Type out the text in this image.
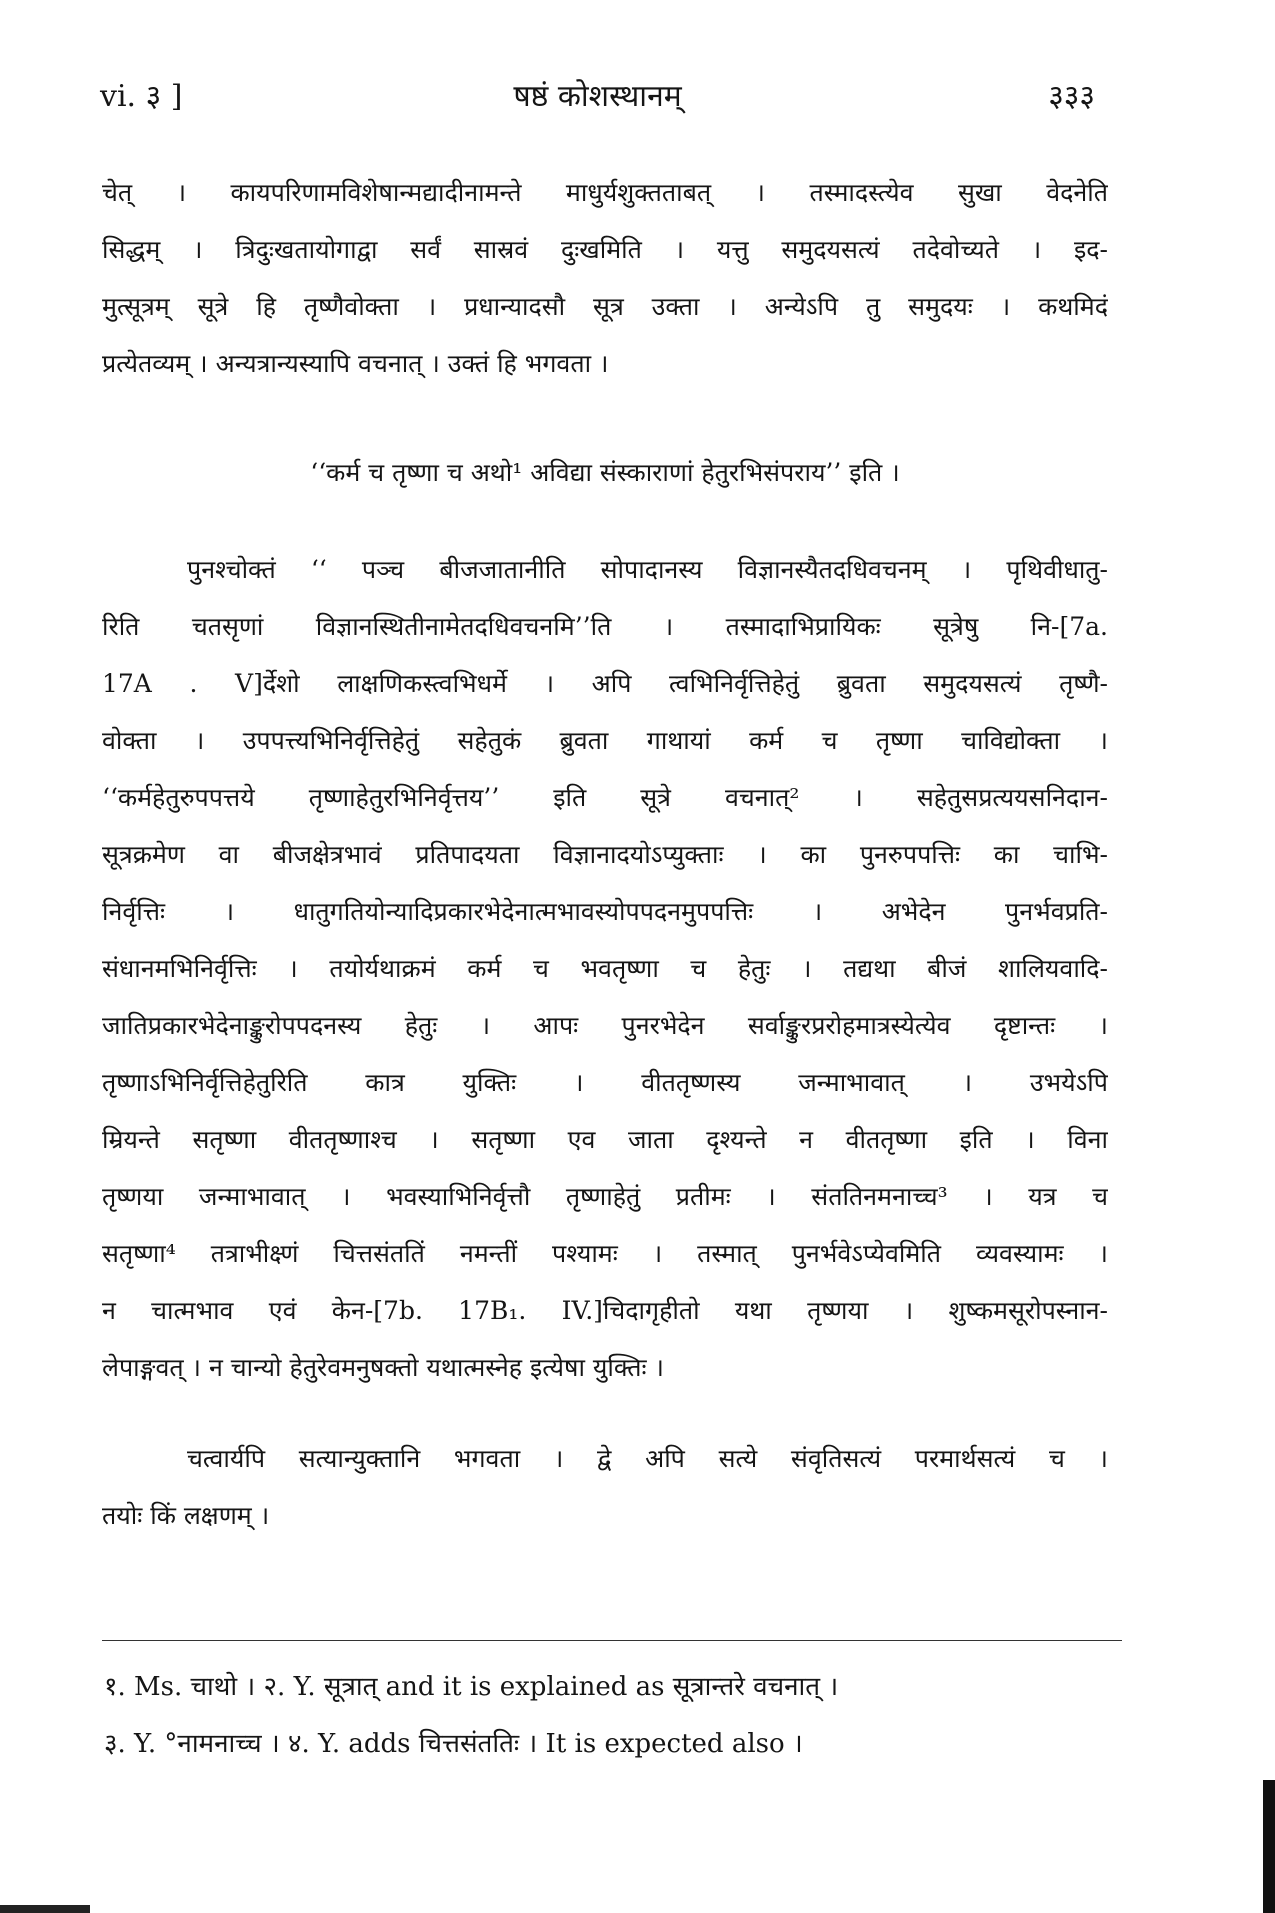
vi. ३ ]	षष्ठं कोशस्थानम्	३३३
चेत् । कायपरिणामविशेषान्मद्यादीनामन्ते माधुर्यशुक्तताबत् । तस्मादस्त्येव सुखा वेदनेति
सिद्धम् । त्रिदुःखतायोगाद्वा सर्वं सास्रवं दुःखमिति । यत्तु समुदयसत्यं तदेवोच्यते । इद-
मुत्सूत्रम् सूत्रे हि तृष्णैवोक्ता । प्रधान्यादसौ सूत्र उक्ता । अन्येऽपि तु समुदयः । कथमिदं
प्रत्येतव्यम् । अन्यत्रान्यस्यापि वचनात् । उक्तं हि भगवता ।
‘‘कर्म च तृष्णा च अथो¹ अविद्या संस्काराणां हेतुरभिसंपराय’’ इति ।
पुनश्चोक्तं ‘‘ पञ्च बीजजातानीति सोपादानस्य विज्ञानस्यैतदधिवचनम् । पृथिवीधातु-
रिति चतसृणां विज्ञानस्थितीनामेतदधिवचनमि’’ति । तस्मादाभिप्रायिकः सूत्रेषु नि-[7a.
17A . V]र्देशो लाक्षणिकस्त्वभिधर्मे । अपि त्वभिनिर्वृत्तिहेतुं ब्रुवता समुदयसत्यं तृष्णै-
वोक्ता । उपपत्त्यभिनिर्वृत्तिहेतुं सहेतुकं ब्रुवता गाथायां कर्म च तृष्णा चाविद्योक्ता ।
‘‘कर्महेतुरुपपत्तये तृष्णाहेतुरभिनिर्वृत्तय’’ इति सूत्रे वचनात्² । सहेतुसप्रत्ययसनिदान-
सूत्रक्रमेण वा बीजक्षेत्रभावं प्रतिपादयता विज्ञानादयोऽप्युक्ताः । का पुनरुपपत्तिः का चाभि-
निर्वृत्तिः । धातुगतियोन्यादिप्रकारभेदेनात्मभावस्योपपदनमुपपत्तिः । अभेदेन पुनर्भवप्रति-
संधानमभिनिर्वृत्तिः । तयोर्यथाक्रमं कर्म च भवतृष्णा च हेतुः । तद्यथा बीजं शालियवादि-
जातिप्रकारभेदेनाङ्कुरोपपदनस्य हेतुः । आपः पुनरभेदेन सर्वाङ्कुरप्ररोहमात्रस्येत्येव दृष्टान्तः ।
तृष्णाऽभिनिर्वृत्तिहेतुरिति कात्र युक्तिः । वीततृष्णस्य जन्माभावात् । उभयेऽपि
म्रियन्ते सतृष्णा वीततृष्णाश्च । सतृष्णा एव जाता दृश्यन्ते न वीततृष्णा इति । विना
तृष्णया जन्माभावात् । भवस्याभिनिर्वृत्तौ तृष्णाहेतुं प्रतीमः । संततिनमनाच्च³ । यत्र च
सतृष्णा⁴ तत्राभीक्ष्णं चित्तसंततिं नमन्तीं पश्यामः । तस्मात् पुनर्भवेऽप्येवमिति व्यवस्यामः ।
न चात्मभाव एवं केन-[7b. 17B₁. IV.]चिदागृहीतो यथा तृष्णया । शुष्कमसूरोपस्नान-
लेपाङ्गवत् । न चान्यो हेतुरेवमनुषक्तो यथात्मस्नेह इत्येषा युक्तिः ।
चत्वार्यपि सत्यान्युक्तानि भगवता । द्वे अपि सत्ये संवृतिसत्यं परमार्थसत्यं च ।
तयोः किं लक्षणम् ।
१. Ms. चाथो । २. Y. सूत्रात् and it is explained as सूत्रान्तरे वचनात् ।
३. Y. °नामनाच्च । ४. Y. adds चित्तसंततिः । It is expected also ।
